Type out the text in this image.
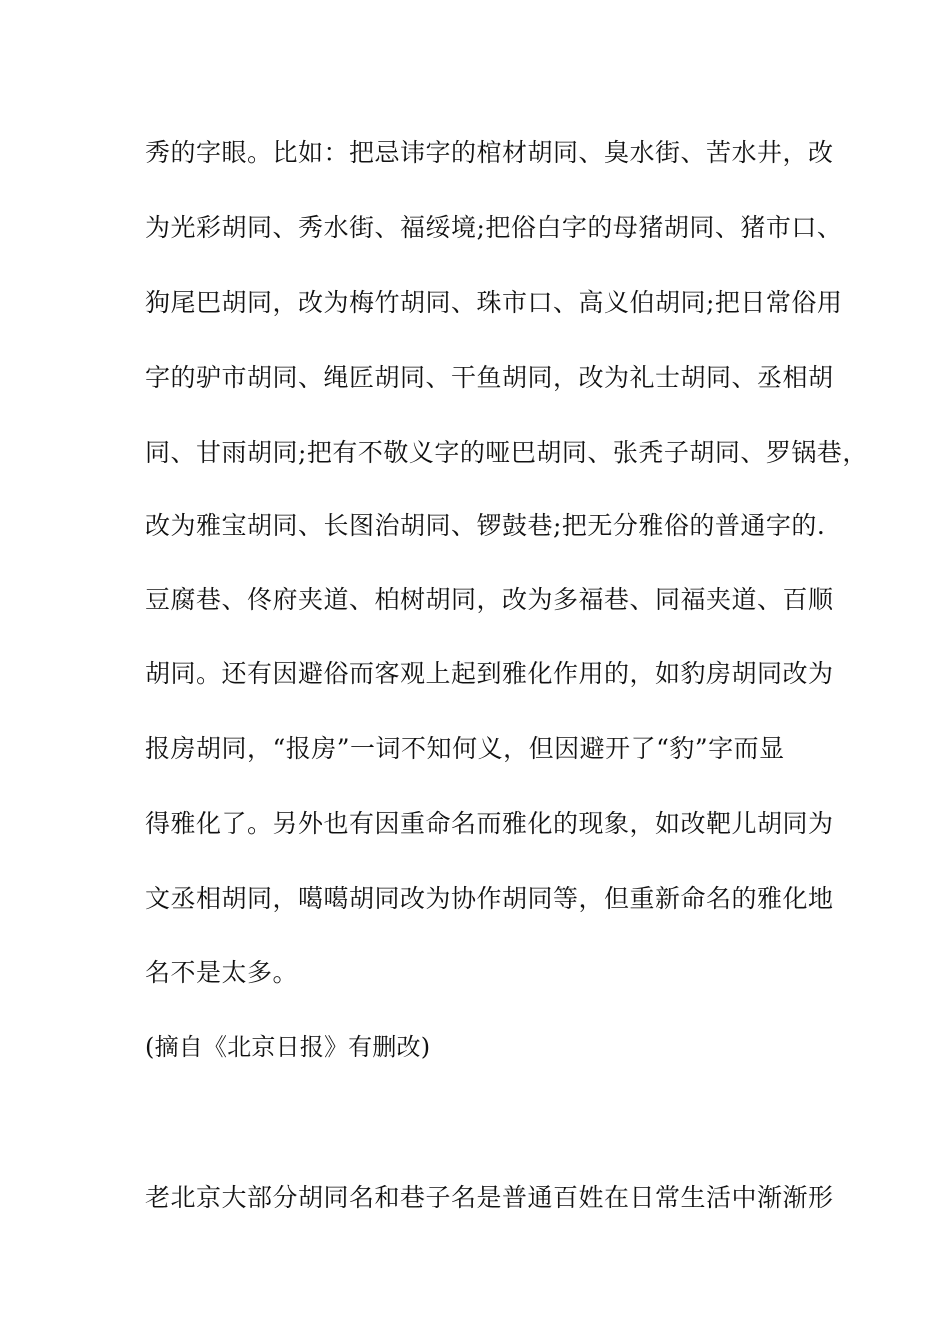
秀的字眼。比如：把忌讳字的棺材胡同、臭水街、苦水井，改
为光彩胡同、秀水街、福绥境;把俗白字的母猪胡同、猪市口、
狗尾巴胡同，改为梅竹胡同、珠市口、高义伯胡同;把日常俗用
字的驴市胡同、绳匠胡同、干鱼胡同，改为礼士胡同、丞相胡
同、甘雨胡同;把有不敬义字的哑巴胡同、张秃子胡同、罗锅巷，
改为雅宝胡同、长图治胡同、锣鼓巷;把无分雅俗的普通字的.
豆腐巷、佟府夹道、柏树胡同，改为多福巷、同福夹道、百顺
胡同。还有因避俗而客观上起到雅化作用的，如豹房胡同改为
报房胡同，“报房”一词不知何义，但因避开了“豹”字而显
得雅化了。另外也有因重命名而雅化的现象，如改靶儿胡同为
文丞相胡同，噶噶胡同改为协作胡同等，但重新命名的雅化地
名不是太多。
(摘自《北京日报》有删改)
老北京大部分胡同名和巷子名是普通百姓在日常生活中渐渐形
